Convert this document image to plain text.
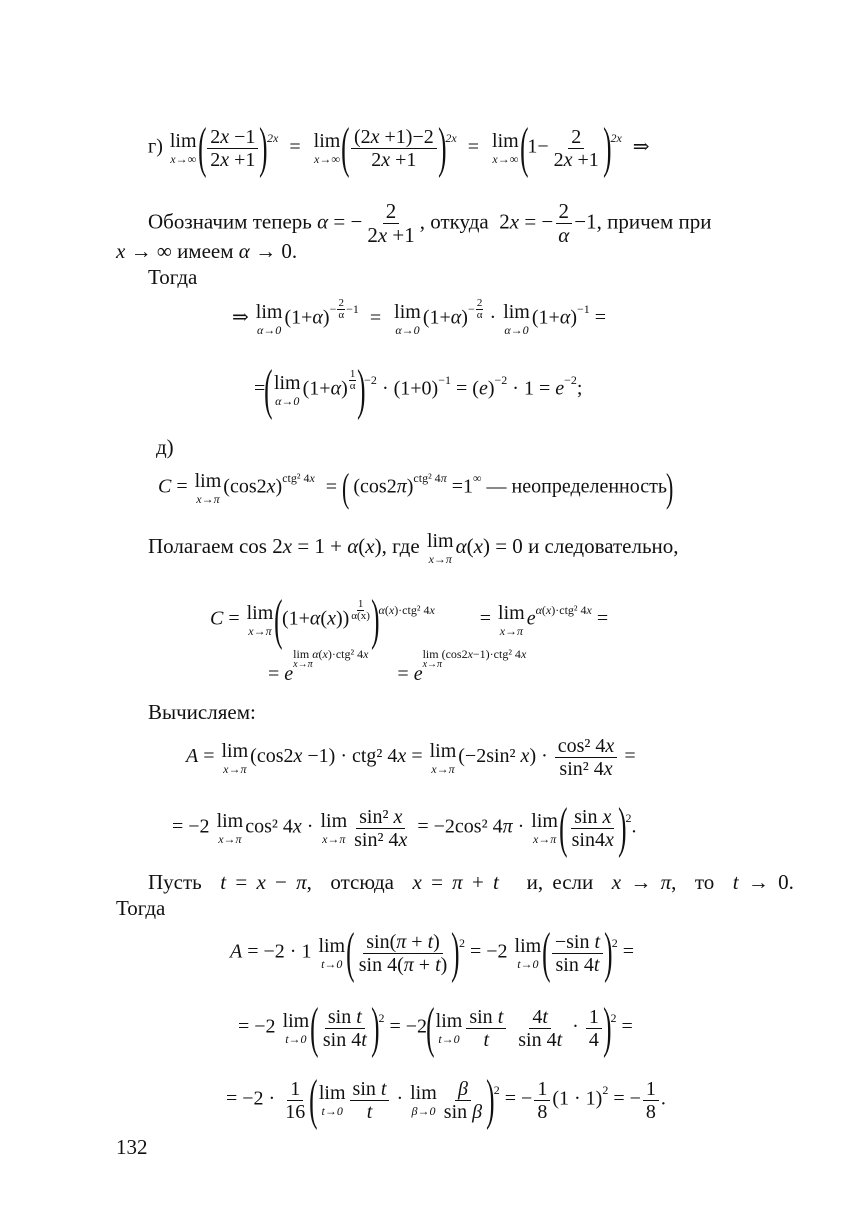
г) lim
x→∞ ( $\frac{2x -1}{2x +1} )^{2x} = \lim$
x→∞ ( $\frac{(2x +1)-2}{2x +1} )^{2x} = \lim$
x→∞ $(1- \frac{2}{2x +1} )^{2x}$ ⇒
Обозначим теперь α = − $\frac{2}{2x +1}$ , откуда  2x = − $\frac{2}{\alpha} -1$, причем при
x → ∞ имеем α → 0.
Тогда
⇒ lim
α→0
$(1+\alpha)^{- \frac{2}{\alpha} -1} = \lim$
α→0
$(1+\alpha)^{- \frac{2}{\alpha}} \cdot \lim$
α→0
$(1+\alpha)^{-1}$ =
=( lim
α→0
(1+α) $^{\frac{1}{\alpha}}$ )$^{-2} \cdot (1+0)^{-1} = (e)^{-2} \cdot 1 = e^{-2}$;
д)
C = lim
x→π
$(\cos 2x)^{ctg^2 4x}$ = ( $(\cos 2\pi)^{ctg^2 4\pi} =1^\infty$ — неопределенность)
Полагаем cos 2x = 1 + α(x), где lim
x→π
α(x) = 0 и следовательно,
C = lim
x→π ((1+α(x)) $^{\frac{1}{\alpha(x)}}$ )$^{\alpha(x)\cdot ctg^2 4x}$ = lim
x→π
$e^{\alpha(x)\cdot ctg^2 4x}$ =
= e
$^{lim \alpha(x)\cdot ctg^2 4x x\to\pi}$	= e
$^{lim (cos2x-1)\cdot ctg^2 4x x\to\pi}$
Вычисляем:
A = lim
x→π
(cos2x −1) · ctg² 4x = lim
x→π
(−2sin² $x) \cdot \frac{\text{cos² 4x}}{\text{sin² 4x}}$ =
= −2 lim
x→π
cos² 4x · lim
$x\to\pi \frac{\text{sin² x}}{\text{sin² 4x}} = -2\cos^2$ 4π · lim
x→π ( $\frac{\text{sin x}}{\sin 4x} )^2$.
Пусть t = x − π,  отсюда x = π + t и, если x → π,  то t → 0.
Тогда
A = −2 · 1 lim
t→0 ( $\frac{\sin(\pi + t)}{\sin 4(\pi + t)} )^2 = -2$ lim
t→0 ( $\frac{\text{−sin t}}{\sin 4t} )^2$ =
= −2 lim
t→0 ( $\frac{\text{sin t}}{\sin 4t} )^2 = -2$( lim
$t\to 0 \frac{\text{sin t}}{t}$
$\frac{4t}{\sin 4t} \cdot \frac{1}{4} )^2$ =
= $-2 \cdot \frac{1}{16}$ ( lim
$t\to 0 \frac{\text{sin t}}{t} \cdot \lim$
$\beta\to 0 \frac{\beta}{\text{sin β}} )^2$ = − $\frac{1}{8} (1 \cdot 1)^2$ = − $\frac{1}{8}$ .
132
